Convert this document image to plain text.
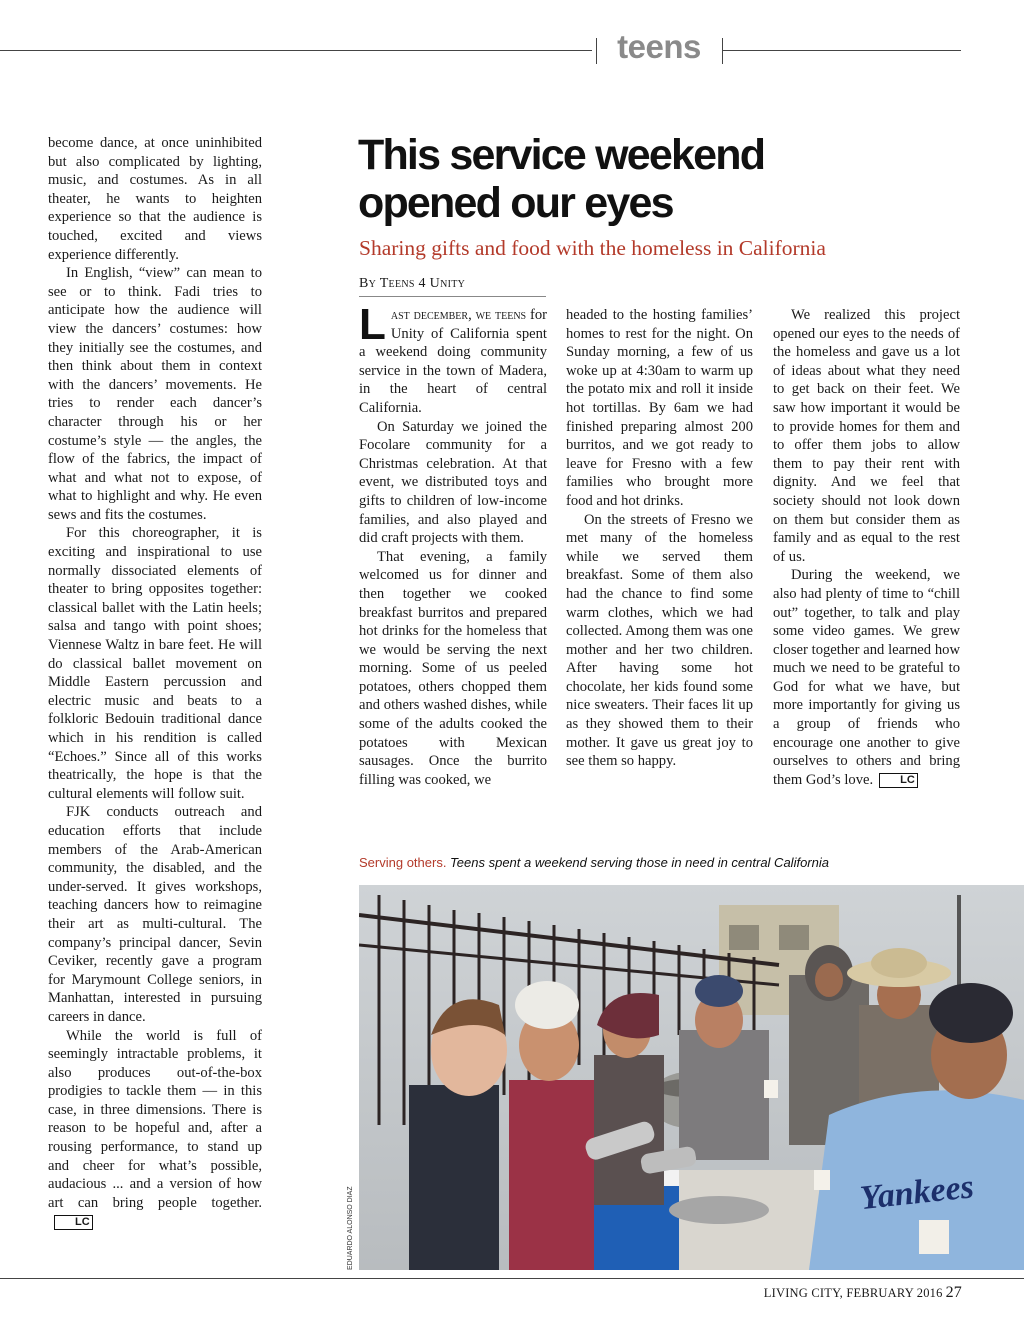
teens

become dance, at once uninhibited but also complicated by lighting, music, and costumes. As in all theater, he wants to heighten experience so that the audience is touched, excited and views experience differently.

In English, “view” can mean to see or to think. Fadi tries to anticipate how the audience will view the dancers’ costumes: how they initially see the costumes, and then think about them in context with the dancers’ movements. He tries to render each dancer’s character through his or her costume’s style — the angles, the flow of the fabrics, the impact of what and what not to expose, of what to highlight and why. He even sews and fits the costumes.

For this choreographer, it is exciting and inspirational to use normally dissociated elements of theater to bring opposites together: classical ballet with the Latin heels; salsa and tango with point shoes; Viennese Waltz in bare feet. He will do classical ballet movement on Middle Eastern percussion and electric music and beats to a folkloric Bedouin traditional dance which in his rendition is called “Echoes.” Since all of this works theatrically, the hope is that the cultural elements will follow suit.

FJK conducts outreach and education efforts that include members of the Arab-American community, the disabled, and the under-served. It gives workshops, teaching dancers how to reimagine their art as multi-cultural. The company’s principal dancer, Sevin Ceviker, recently gave a program for Marymount College seniors, in Manhattan, interested in pursuing careers in dance.

While the world is full of seemingly intractable problems, it also produces out-of-the-box prodigies to tackle them — in this case, in three dimensions. There is reason to be hopeful and, after a rousing performance, to stand up and cheer for what’s possible, audacious ... and a version of how art can bring people together.LC

This service weekend
opened our eyes
Sharing gifts and food with the homeless in California
By Teens 4 Unity

Last december, we teens for Unity of California spent a weekend doing community service in the town of Madera, in the heart of central California.

On Saturday we joined the Focolare community for a Christmas celebration. At that event, we distributed toys and gifts to children of low-income families, and also played and did craft projects with them.

That evening, a family welcomed us for dinner and then together we cooked breakfast burritos and prepared hot drinks for the homeless that we would be serving the next morning. Some of us peeled potatoes, others chopped them and others washed dishes, while some of the adults cooked the potatoes with Mexican sausages. Once the burrito filling was cooked, we

headed to the hosting families’ homes to rest for the night. On Sunday morning, a few of us woke up at 4:30am to warm up the potato mix and roll it inside hot tortillas. By 6am we had finished preparing almost 200 burritos, and we got ready to leave for Fresno with a few families who brought more food and hot drinks.

On the streets of Fresno we met many of the homeless while we served them breakfast. Some of them also had the chance to find some warm clothes, which we had collected. Among them was one mother and her two children. After having some hot chocolate, her kids found some nice sweaters. Their faces lit up as they showed them to their mother. It gave us great joy to see them so happy.

We realized this project opened our eyes to the needs of the homeless and gave us a lot of ideas about what they need to get back on their feet. We saw how important it would be to provide homes for them and to offer them jobs to allow them to pay their rent with dignity. And we feel that society should not look down on them but consider them as family and as equal to the rest of us.

During the weekend, we also had plenty of time to “chill out” together, to talk and play some video games. We grew closer together and learned how much we need to be grateful to God for what we have, but more importantly for giving us a group of friends who encourage one another to give ourselves to others and bring them God’s love. LC

Serving others. Teens spent a weekend serving those in need in central California
Yankees
EDUARDO ALONSO DIAZ
LIVING CITY, FEBRUARY 2016 27
